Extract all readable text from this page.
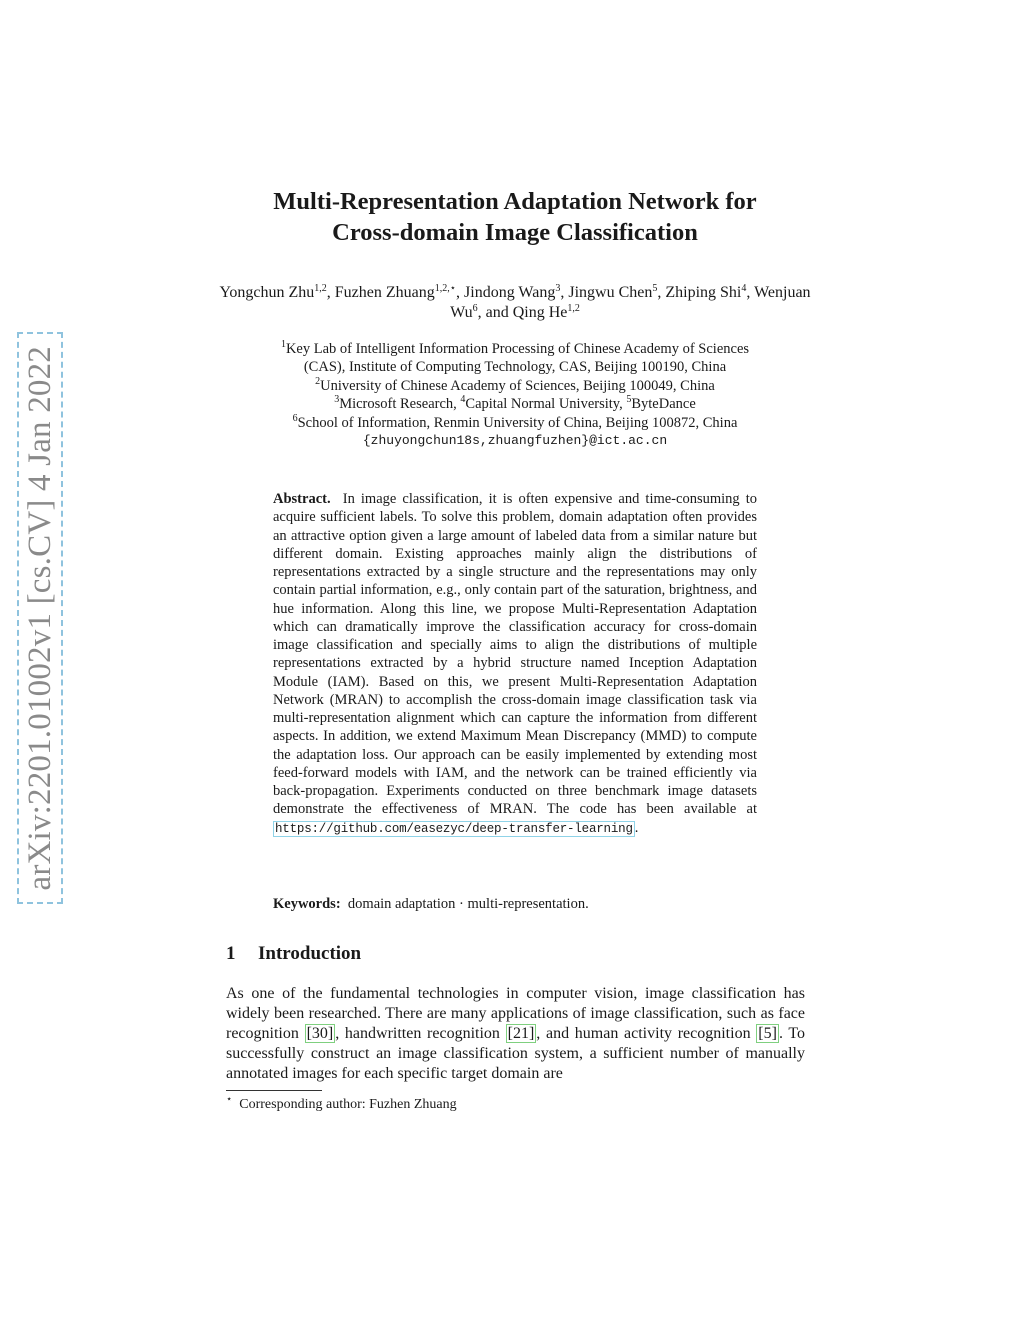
arXiv:2201.01002v1 [cs.CV] 4 Jan 2022
Multi-Representation Adaptation Network for
Cross-domain Image Classification
Yongchun Zhu$^{1,2}$, Fuzhen Zhuang$^{1,2,⋆}$, Jindong Wang$^3$, Jingwu Chen$^5$, Zhiping Shi$^4$, Wenjuan Wu$^6$, and Qing He$^{1,2}$
$^1$Key Lab of Intelligent Information Processing of Chinese Academy of Sciences
(CAS), Institute of Computing Technology, CAS, Beijing 100190, China
$^2$University of Chinese Academy of Sciences, Beijing 100049, China
$^3$Microsoft Research, $^4$Capital Normal University, $^5$ByteDance
$^6$School of Information, Renmin University of China, Beijing 100872, China
{zhuyongchun18s,zhuangfuzhen}@ict.ac.cn
Abstract. In image classification, it is often expensive and time-consuming to acquire sufficient labels. To solve this problem, domain adaptation often provides an attractive option given a large amount of labeled data from a similar nature but different domain. Existing approaches mainly align the distributions of representations extracted by a single structure and the representations may only contain partial information, e.g., only contain part of the saturation, brightness, and hue information. Along this line, we propose Multi-Representation Adaptation which can dramatically improve the classification accuracy for cross-domain image classification and specially aims to align the distributions of multiple representations extracted by a hybrid structure named Inception Adaptation Module (IAM). Based on this, we present Multi-Representation Adaptation Network (MRAN) to accomplish the cross-domain image classification task via multi-representation alignment which can capture the information from different aspects. In addition, we extend Maximum Mean Discrepancy (MMD) to compute the adaptation loss. Our approach can be easily implemented by extending most feed-forward models with IAM, and the network can be trained efficiently via back-propagation. Experiments conducted on three benchmark image datasets demonstrate the effectiveness of MRAN. The code has been available at https://github.com/easezyc/deep-transfer-learning .
Keywords: domain adaptation · multi-representation.
1 Introduction
As one of the fundamental technologies in computer vision, image classification has widely been researched. There are many applications of image classification, such as face recognition [30] , handwritten recognition [21] , and human activity recognition [5] . To successfully construct an image classification system, a sufficient number of manually annotated images for each specific target domain are
⋆ Corresponding author: Fuzhen Zhuang
